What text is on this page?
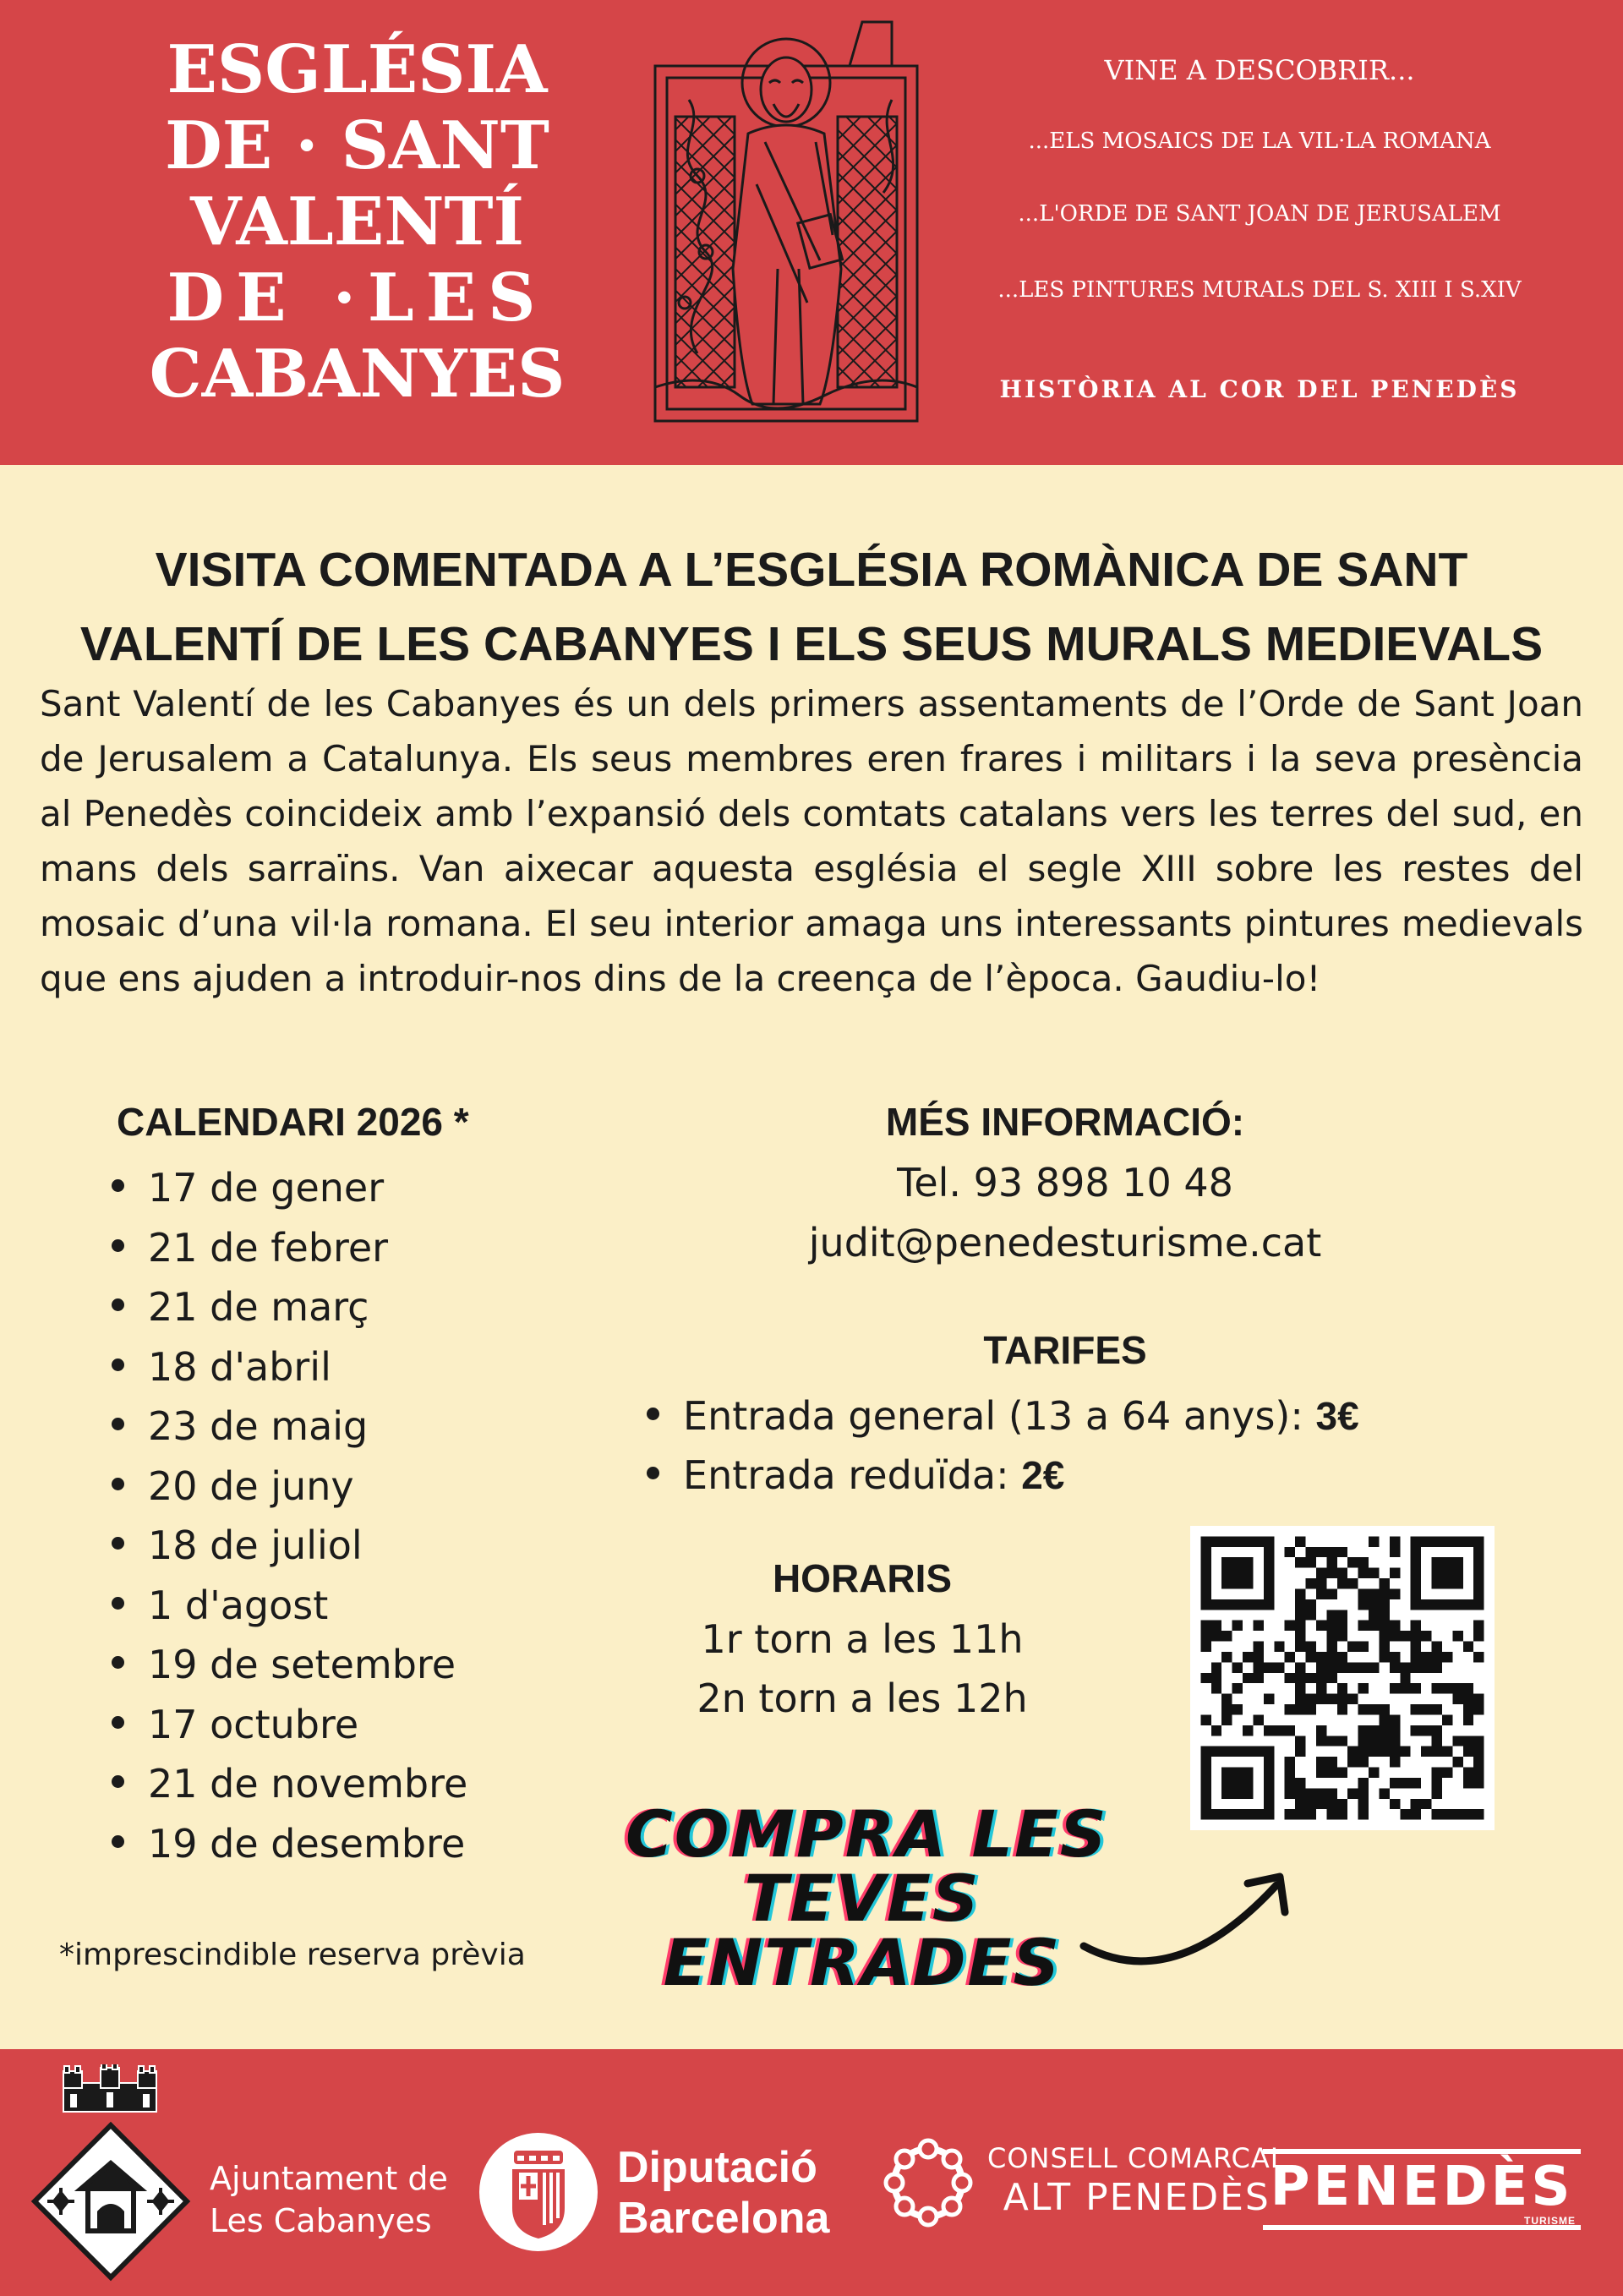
ESGLÉSIA
DE · SANT
VALENTÍ
DE ·LES
CABANYES
VINE A DESCOBRIR...
...ELS MOSAICS DE LA VIL·LA ROMANA
...L'ORDE DE SANT JOAN DE JERUSALEM
...LES PINTURES MURALS DEL S. XIII I S.XIV
HISTÒRIA AL COR DEL PENEDÈS
VISITA COMENTADA A L’ESGLÉSIA ROMÀNICA DE SANT
VALENTÍ DE LES CABANYES I ELS SEUS MURALS MEDIEVALS

Sant Valentí de les Cabanyes és un dels primers assentaments de l’Orde de Sant Joan de Jerusalem a Catalunya. Els seus membres eren frares i militars i la seva presència al Penedès coincideix amb l’expansió dels comtats catalans vers les terres del sud, en mans dels sarraïns. Van aixecar aquesta església el segle XIII sobre les restes del mosaic d’una vil·la romana. El seu interior amaga uns interessants pintures medievals que ens ajuden a introduir-nos dins de la creença de l’època. Gaudiu-lo!

CALENDARI 2026 *
17 de gener
21 de febrer
21 de març
18 d'abril
23 de maig
20 de juny
18 de juliol
1 d'agost
19 de setembre
17 octubre
21 de novembre
19 de desembre
*imprescindible reserva prèvia
MÉS INFORMACIÓ:
Tel. 93 898 10 48
judit@penedesturisme.cat
TARIFES
Entrada general (13 a 64 anys): 3€
Entrada reduïda: 2€
HORARIS
1r torn a les 11h
2n torn a les 12h
COMPRA LES
TEVES
ENTRADES
Ajuntament de
Les Cabanyes
Diputació
Barcelona
CONSELL COMARCAL
ALT PENEDÈS PENEDÈS
TURISME
